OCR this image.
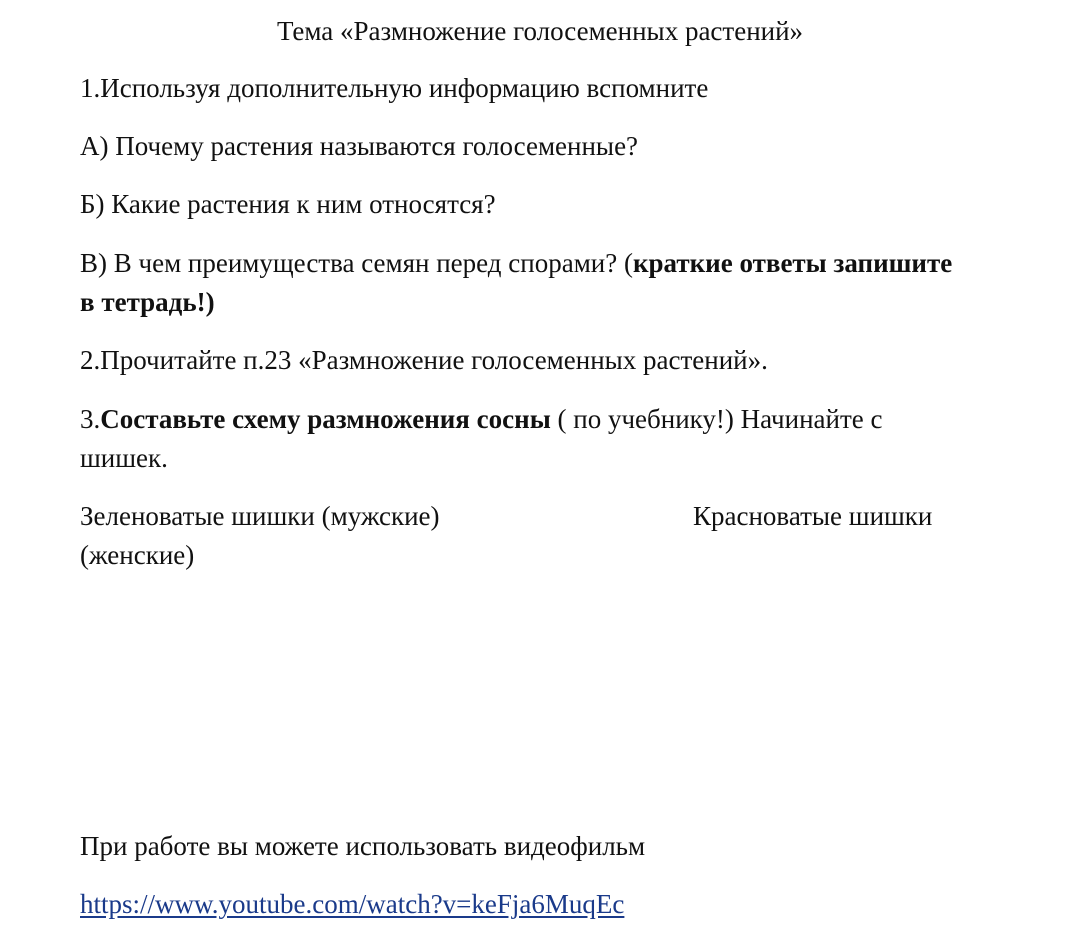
Тема «Размножение голосеменных растений»
1.Используя дополнительную информацию вспомните
А) Почему растения называются голосеменные?
Б) Какие растения к ним относятся?
В) В чем преимущества семян перед спорами? (краткие ответы запишите
в тетрадь!)
2.Прочитайте п.23 «Размножение голосеменных растений».
3.Составьте схему размножения сосны ( по учебнику!) Начинайте с
шишек.
Зеленоватые шишки (мужские)	Красноватые шишки
(женские)
При работе вы можете использовать видеофильм
https://www.youtube.com/watch?v=keFja6MuqEc
